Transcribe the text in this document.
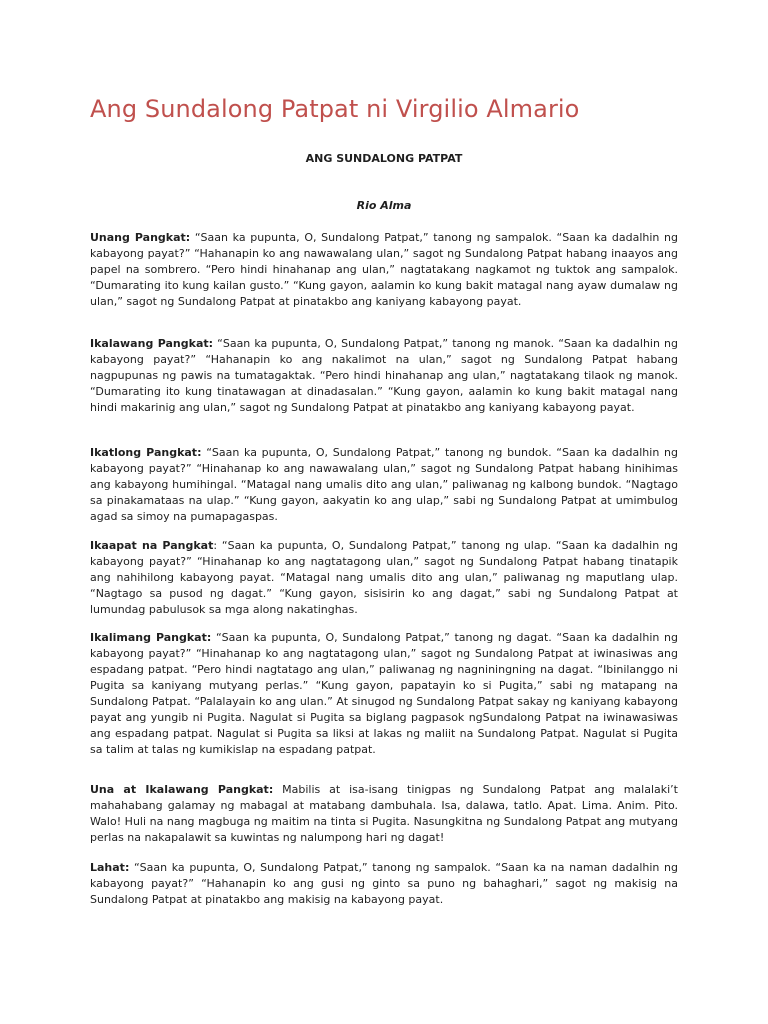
Ang Sundalong Patpat ni Virgilio Almario
ANG SUNDALONG PATPAT
Rio Alma

Unang Pangkat: “Saan ka pupunta, O, Sundalong Patpat,” tanong ng sampalok. “Saan ka dadalhin ng kabayong payat?” “Hahanapin ko ang nawawalang ulan,” sagot ng Sundalong Patpat habang inaayos ang papel na sombrero. “Pero hindi hinahanap ang ulan,” nagtatakang nagkamot ng tuktok ang sampalok. “Dumarating ito kung kailan gusto.” “Kung gayon, aalamin ko kung bakit matagal nang ayaw dumalaw ng ulan,” sagot ng Sundalong Patpat at pinatakbo ang kaniyang kabayong payat.

Ikalawang Pangkat: “Saan ka pupunta, O, Sundalong Patpat,” tanong ng manok. “Saan ka dadalhin ng kabayong payat?” “Hahanapin ko ang nakalimot na ulan,” sagot ng Sundalong Patpat habang nagpupunas ng pawis na tumatagaktak. “Pero hindi hinahanap ang ulan,” nagtatakang tilaok ng manok. “Dumarating ito kung tinatawagan at dinadasalan.” “Kung gayon, aalamin ko kung bakit matagal nang hindi makarinig ang ulan,” sagot ng Sundalong Patpat at pinatakbo ang kaniyang kabayong payat.

Ikatlong Pangkat: “Saan ka pupunta, O, Sundalong Patpat,” tanong ng bundok. “Saan ka dadalhin ng kabayong payat?” “Hinahanap ko ang nawawalang ulan,” sagot ng Sundalong Patpat habang hinihimas ang kabayong humihingal. “Matagal nang umalis dito ang ulan,” paliwanag ng kalbong bundok. “Nagtago sa pinakamataas na ulap.” “Kung gayon, aakyatin ko ang ulap,” sabi ng Sundalong Patpat at umimbulog agad sa simoy na pumapagaspas.

Ikaapat na Pangkat: “Saan ka pupunta, O, Sundalong Patpat,” tanong ng ulap. “Saan ka dadalhin ng kabayong payat?” “Hinahanap ko ang nagtatagong ulan,” sagot ng Sundalong Patpat habang tinatapik ang nahihilong kabayong payat. “Matagal nang umalis dito ang ulan,” paliwanag ng maputlang ulap. “Nagtago sa pusod ng dagat.” “Kung gayon, sisisirin ko ang dagat,” sabi ng Sundalong Patpat at lumundag pabulusok sa mga along nakatinghas.

Ikalimang Pangkat: “Saan ka pupunta, O, Sundalong Patpat,” tanong ng dagat. “Saan ka dadalhin ng kabayong payat?” “Hinahanap ko ang nagtatagong ulan,” sagot ng Sundalong Patpat at iwinasiwas ang espadang patpat. “Pero hindi nagtatago ang ulan,” paliwanag ng nagniningning na dagat. “Ibinilanggo ni Pugita sa kaniyang mutyang perlas.” “Kung gayon, papatayin ko si Pugita,” sabi ng matapang na Sundalong Patpat. “Palalayain ko ang ulan.” At sinugod ng Sundalong Patpat sakay ng kaniyang kabayong payat ang yungib ni Pugita. Nagulat si Pugita sa biglang pagpasok ngSundalong Patpat na iwinawasiwas ang espadang patpat. Nagulat si Pugita sa liksi at lakas ng maliit na Sundalong Patpat. Nagulat si Pugita sa talim at talas ng kumikislap na espadang patpat.

Una at Ikalawang Pangkat: Mabilis at isa-isang tinigpas ng Sundalong Patpat ang malalaki’t mahahabang galamay ng mabagal at matabang dambuhala. Isa, dalawa, tatlo. Apat. Lima. Anim. Pito. Walo! Huli na nang magbuga ng maitim na tinta si Pugita. Nasungkitna ng Sundalong Patpat ang mutyang perlas na nakapalawit sa kuwintas ng nalumpong hari ng dagat!

Lahat: “Saan ka pupunta, O, Sundalong Patpat,” tanong ng sampalok. “Saan ka na naman dadalhin ng kabayong payat?” “Hahanapin ko ang gusi ng ginto sa puno ng bahaghari,” sagot ng makisig na Sundalong Patpat at pinatakbo ang makisig na kabayong payat.
